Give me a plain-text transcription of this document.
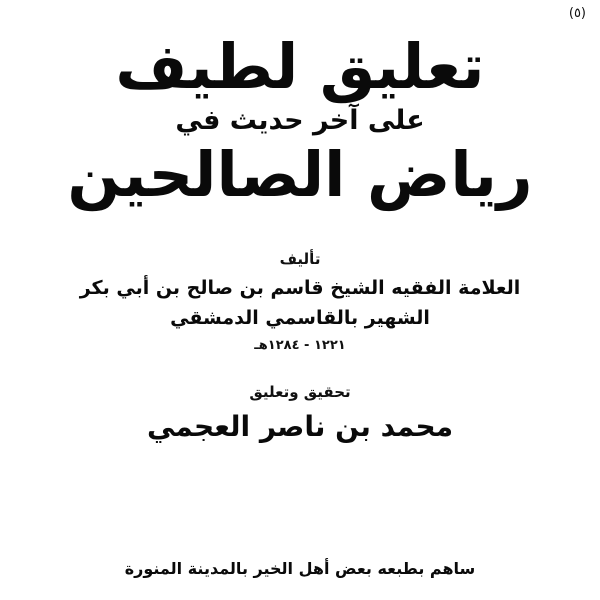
(٥)
تعليق لطيف
على آخر حديث في
رياض الصالحين
تأليف
العلامة الفقيه الشيخ قاسم بن صالح بن أبي بكر
الشهير بالقاسمي الدمشقي
١٢٢١ - ١٢٨٤هـ
تحقيق وتعليق
محمد بن ناصر العجمي
ساهم بطبعه بعض أهل الخير بالمدينة المنورة
